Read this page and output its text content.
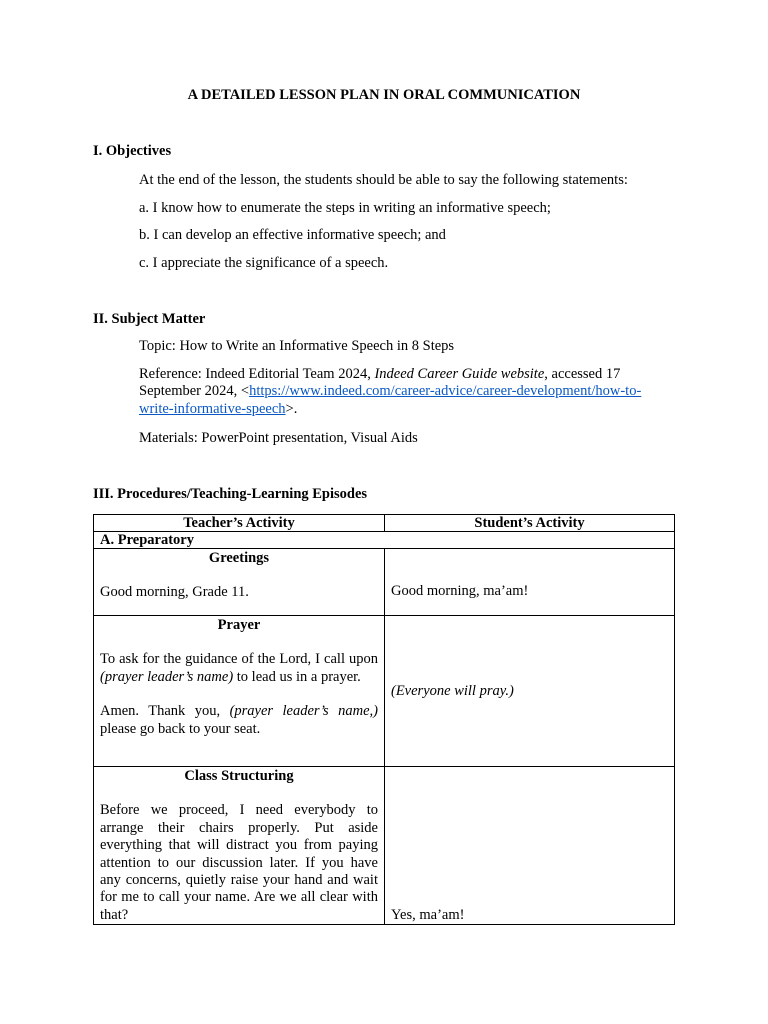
A DETAILED LESSON PLAN IN ORAL COMMUNICATION
I. Objectives
At the end of the lesson, the students should be able to say the following statements:
a. I know how to enumerate the steps in writing an informative speech;
b. I can develop an effective informative speech; and
c. I appreciate the significance of a speech.
II. Subject Matter
Topic: How to Write an Informative Speech in 8 Steps
Reference: Indeed Editorial Team 2024, Indeed Career Guide website, accessed 17 September 2024, <https://www.indeed.com/career-advice/career-development/how-to-write-informative-speech>.
Materials: PowerPoint presentation, Visual Aids
III. Procedures/Teaching-Learning Episodes
Teacher’s Activity	Student’s Activity
A. Preparatory	

Greetings
Good morning, Grade 11.	Good morning, ma’am!

Prayer
To ask for the guidance of the Lord, I call upon (prayer leader’s name) to lead us in a prayer.
Amen. Thank you, (prayer leader’s name,) please go back to your seat.	(Everyone will pray.)

Class Structuring
Before we proceed, I need everybody to arrange their chairs properly. Put aside everything that will distract you from paying attention to our discussion later. If you have any concerns, quietly raise your hand and wait for me to call your name. Are we all clear with that?	Yes, ma’am!
